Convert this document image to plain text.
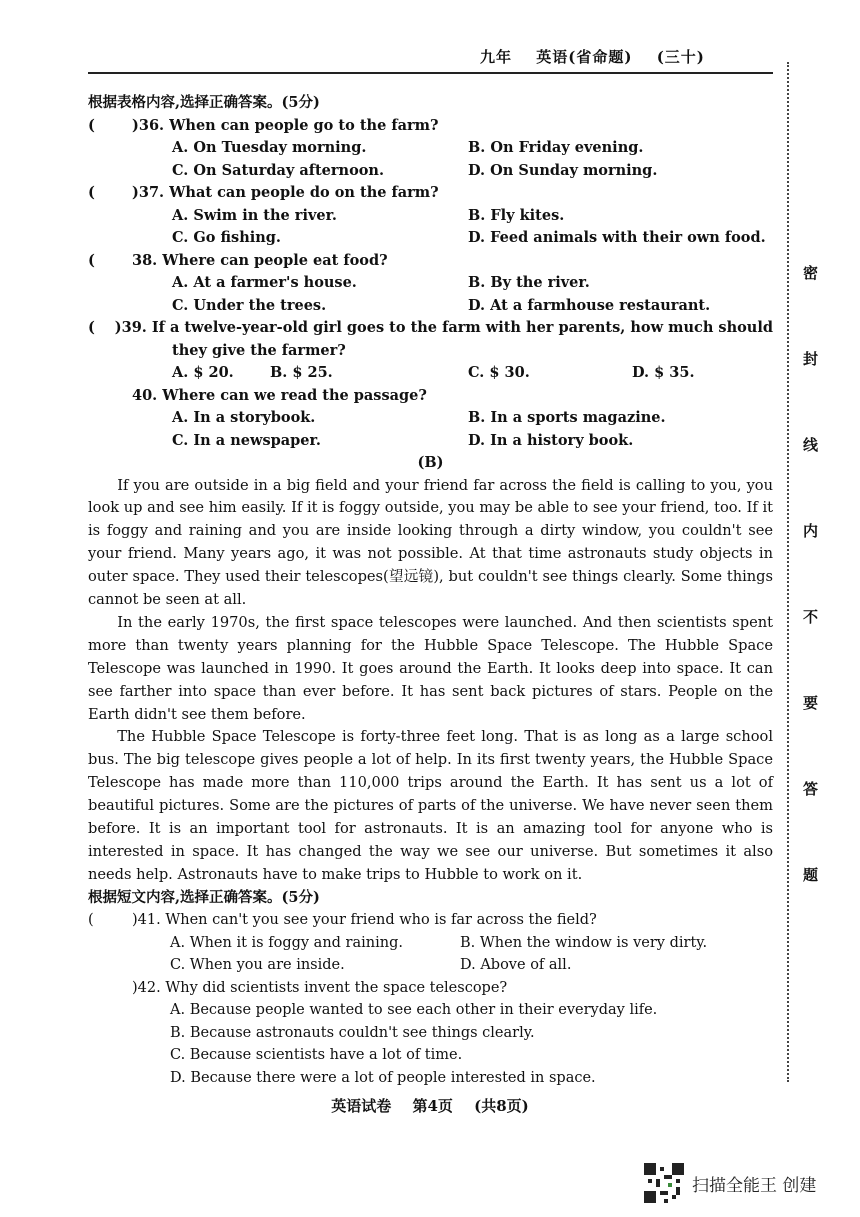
九年 英语(省命题) (三十)
密
封
线
内
不
要
答
题
根据表格内容,选择正确答案。(5分)
(	)36. When can people go to the farm?
A. On Tuesday morning.	B. On Friday evening.
C. On Saturday afternoon.	D. On Sunday morning.
(	)37. What can people do on the farm?
A. Swim in the river.	B. Fly kites.
C. Go fishing.	D. Feed animals with their own food.
(	38. Where can people eat food?
A. At a farmer's house.	B. By the river.
C. Under the trees.	D. At a farmhouse restaurant.
(	)39. If a twelve-year-old girl goes to the farm with her parents, how much should
they give the farmer?
A. $ 20.	B. $ 25.	C. $ 30.	D. $ 35.
40. Where can we read the passage?
A. In a storybook.	B. In a sports magazine.
C. In a newspaper.	D. In a history book.
(B)

If you are outside in a big field and your friend far across the field is calling to you, you look up and see him easily. If it is foggy outside, you may be able to see your friend, too. If it is foggy and raining and you are inside looking through a dirty window, you couldn't see your friend. Many years ago, it was not possible. At that time astronauts study objects in outer space. They used their telescopes(望远镜), but couldn't see things clearly. Some things cannot be seen at all.

In the early 1970s, the first space telescopes were launched. And then scientists spent more than twenty years planning for the Hubble Space Telescope. The Hubble Space Telescope was launched in 1990. It goes around the Earth. It looks deep into space. It can see farther into space than ever before. It has sent back pictures of stars. People on the Earth didn't see them before.

The Hubble Space Telescope is forty-three feet long. That is as long as a large school bus. The big telescope gives people a lot of help. In its first twenty years, the Hubble Space Telescope has made more than 110,000 trips around the Earth. It has sent us a lot of beautiful pictures. Some are the pictures of parts of the universe. We have never seen them before. It is an important tool for astronauts. It is an amazing tool for anyone who is interested in space. It has changed the way we see our universe. But sometimes it also needs help. Astronauts have to make trips to Hubble to work on it.

根据短文内容,选择正确答案。(5分)
(	)41. When can't you see your friend who is far across the field?
A. When it is foggy and raining.	B. When the window is very dirty.
C. When you are inside.	D. Above of all.
)42. Why did scientists invent the space telescope?
A. Because people wanted to see each other in their everyday life.
B. Because astronauts couldn't see things clearly.
C. Because scientists have a lot of time.
D. Because there were a lot of people interested in space.
英语试卷 第4页 (共8页)
扫描全能王 创建
